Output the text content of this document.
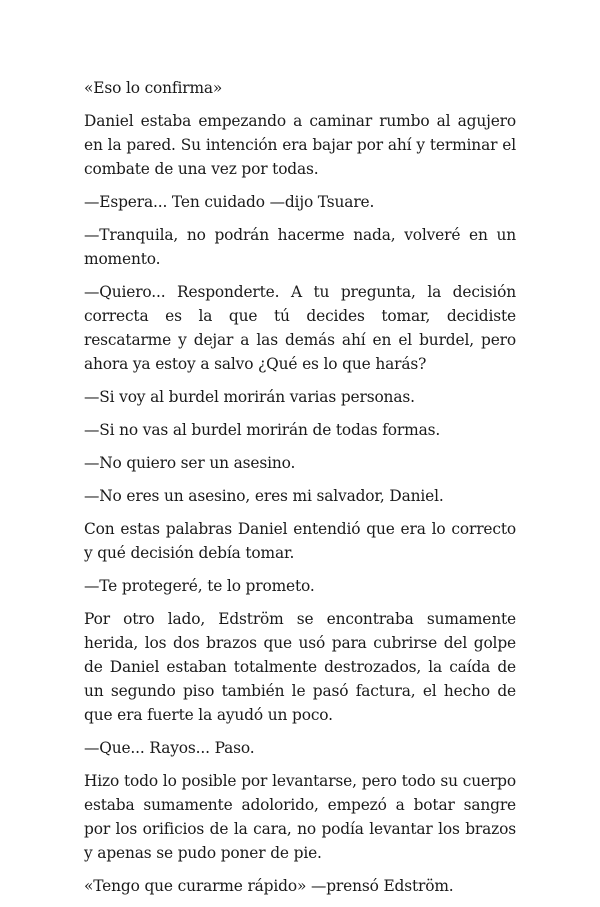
«Eso lo confirma»

Daniel estaba empezando a caminar rumbo al agujero en la pared. Su intención era bajar por ahí y terminar el combate de una vez por todas.

—Espera... Ten cuidado —dijo Tsuare.

—Tranquila, no podrán hacerme nada, volveré en un momento.

—Quiero... Responderte. A tu pregunta, la decisión correcta es la que tú decides tomar, decidiste rescatarme y dejar a las demás ahí en el burdel, pero ahora ya estoy a salvo ¿Qué es lo que harás?

—Si voy al burdel morirán varias personas.

—Si no vas al burdel morirán de todas formas.

—No quiero ser un asesino.

—No eres un asesino, eres mi salvador, Daniel.

Con estas palabras Daniel entendió que era lo correcto y qué decisión debía tomar.

—Te protegeré, te lo prometo.

Por otro lado, Edström se encontraba sumamente herida, los dos brazos que usó para cubrirse del golpe de Daniel estaban totalmente destrozados, la caída de un segundo piso también le pasó factura, el hecho de que era fuerte la ayudó un poco.

—Que... Rayos... Paso.

Hizo todo lo posible por levantarse, pero todo su cuerpo estaba sumamente adolorido, empezó a botar sangre por los orificios de la cara, no podía levantar los brazos y apenas se pudo poner de pie.

«Tengo que curarme rápido» —prensó Edström.
